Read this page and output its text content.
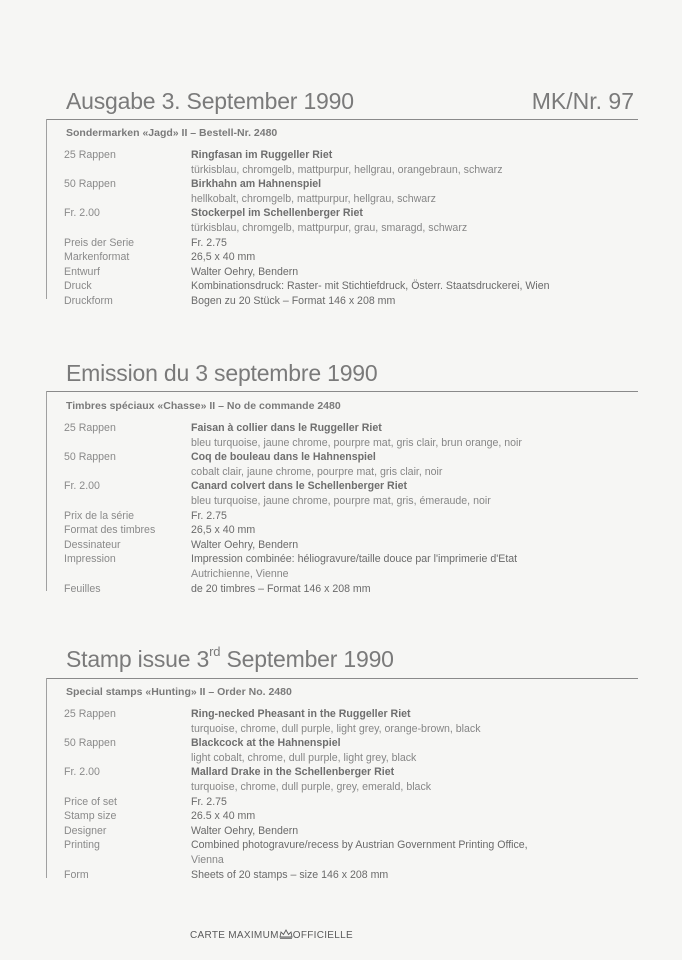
Ausgabe 3. September 1990	MK/Nr. 97
Sondermarken «Jagd» II – Bestell-Nr. 2480
25 Rappen	Ringfasan im Ruggeller Riet
türkisblau, chromgelb, mattpurpur, hellgrau, orangebraun, schwarz
50 Rappen	Birkhahn am Hahnenspiel
hellkobalt, chromgelb, mattpurpur, hellgrau, schwarz
Fr. 2.00	Stockerpel im Schellenberger Riet
türkisblau, chromgelb, mattpurpur, grau, smaragd, schwarz
Preis der Serie	Fr. 2.75
Markenformat	26,5 x 40 mm
Entwurf	Walter Oehry, Bendern
Druck	Kombinationsdruck: Raster- mit Stichtiefdruck, Österr. Staatsdruckerei, Wien
Druckform	Bogen zu 20 Stück – Format 146 x 208 mm
Emission du 3 septembre 1990
Timbres spéciaux «Chasse» II – No de commande 2480
25 Rappen	Faisan à collier dans le Ruggeller Riet
bleu turquoise, jaune chrome, pourpre mat, gris clair, brun orange, noir
50 Rappen	Coq de bouleau dans le Hahnenspiel
cobalt clair, jaune chrome, pourpre mat, gris clair, noir
Fr. 2.00	Canard colvert dans le Schellenberger Riet
bleu turquoise, jaune chrome, pourpre mat, gris, émeraude, noir
Prix de la série	Fr. 2.75
Format des timbres	26,5 x 40 mm
Dessinateur	Walter Oehry, Bendern
Impression	Impression combinée: héliogravure/taille douce par l'imprimerie d'Etat
Autrichienne, Vienne
Feuilles	de 20 timbres – Format 146 x 208 mm
Stamp issue 3rd September 1990
Special stamps «Hunting» II – Order No. 2480
25 Rappen	Ring-necked Pheasant in the Ruggeller Riet
turquoise, chrome, dull purple, light grey, orange-brown, black
50 Rappen	Blackcock at the Hahnenspiel
light cobalt, chrome, dull purple, light grey, black
Fr. 2.00	Mallard Drake in the Schellenberger Riet
turquoise, chrome, dull purple, grey, emerald, black
Price of set	Fr. 2.75
Stamp size	26.5 x 40 mm
Designer	Walter Oehry, Bendern
Printing	Combined photogravure/recess by Austrian Government Printing Office,
Vienna
Form	Sheets of 20 stamps – size 146 x 208 mm
CARTE MAXIMUM OFFICIELLE
